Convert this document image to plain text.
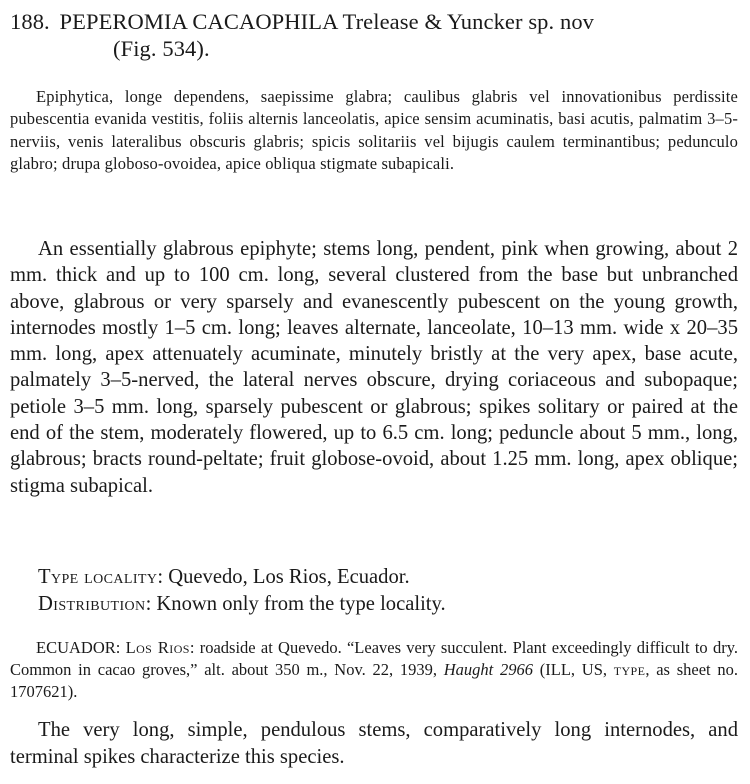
188. PEPEROMIA CACAOPHILA Trelease & Yuncker sp. nov
(Fig. 534).

Epiphytica, longe dependens, saepissime glabra; caulibus glabris vel innovationibus perdissite pubescentia evanida vestitis, foliis alternis lanceolatis, apice sensim acuminatis, basi acutis, palmatim 3–5-nerviis, venis lateralibus obscuris glabris; spicis solitariis vel bijugis caulem terminantibus; pedunculo glabro; drupa globoso-ovoidea, apice obliqua stigmate subapicali.

An essentially glabrous epiphyte; stems long, pendent, pink when growing, about 2 mm. thick and up to 100 cm. long, several clustered from the base but unbranched above, glabrous or very sparsely and evanescently pubescent on the young growth, internodes mostly 1–5 cm. long; leaves alternate, lanceolate, 10–13 mm. wide x 20–35 mm. long, apex attenuately acuminate, minutely bristly at the very apex, base acute, palmately 3–5-nerved, the lateral nerves obscure, drying coriaceous and subopaque; petiole 3–5 mm. long, sparsely pubescent or glabrous; spikes solitary or paired at the end of the stem, moderately flowered, up to 6.5 cm. long; peduncle about 5 mm., long, glabrous; bracts round-peltate; fruit globose-ovoid, about 1.25 mm. long, apex oblique; stigma subapical.

Type locality: Quevedo, Los Rios, Ecuador.
Distribution: Known only from the type locality.

ECUADOR: Los Rios: roadside at Quevedo. “Leaves very succulent. Plant exceedingly difficult to dry. Common in cacao groves,” alt. about 350 m., Nov. 22, 1939, Haught 2966 (ILL, US, type, as sheet no. 1707621).

The very long, simple, pendulous stems, comparatively long internodes, and terminal spikes characterize this species.
